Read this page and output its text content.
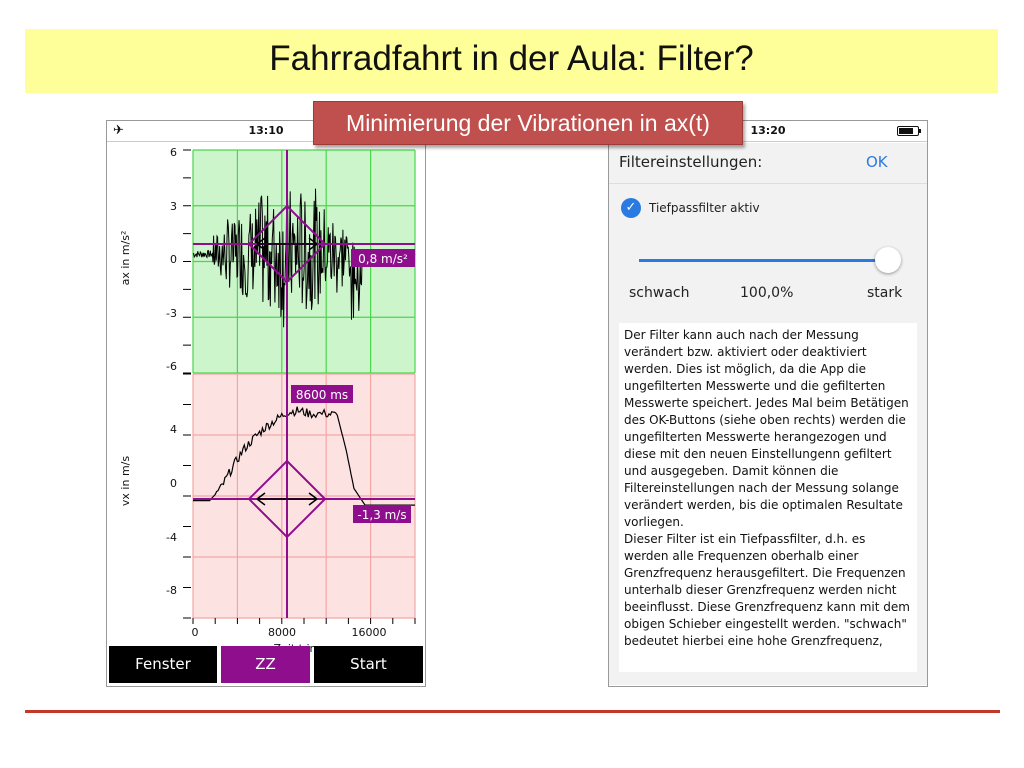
Fahrradfahrt in der Aula: Filter?
✈	13:10
ax in m/s²
vx in m/s
6
3
0
-3
-6
4
0
-4
-8
0	8000	16000
in
0,8 m/s²
8600 ms
-1,3 m/s
Fenster	ZZ	Start
13:20
Filtereinstellungen:	OK
✓	Tiefpassfilter aktiv
schwach	100,0%	stark

Der Filter kann auch nach der Messung verändert bzw. aktiviert oder deaktiviert werden. Dies ist möglich, da die App die ungefilterten Messwerte und die gefilterten Messwerte speichert. Jedes Mal beim Betätigen des OK-Buttons (siehe oben rechts) werden die ungefilterten Messwerte herangezogen und diese mit den neuen Einstellungenn gefiltert und ausgegeben. Damit können die Filtereinstellungen nach der Messung solange verändert werden, bis die optimalen Resultate vorliegen.
Dieser Filter ist ein Tiefpassfilter, d.h. es werden alle Frequenzen oberhalb einer Grenzfrequenz herausgefiltert. Die Frequenzen unterhalb dieser Grenzfrequenz werden nicht beeinflusst. Diese Grenzfrequenz kann mit dem obigen Schieber eingestellt werden. "schwach" bedeutet hierbei eine hohe Grenzfrequenz,

Minimierung der Vibrationen in ax(t)
